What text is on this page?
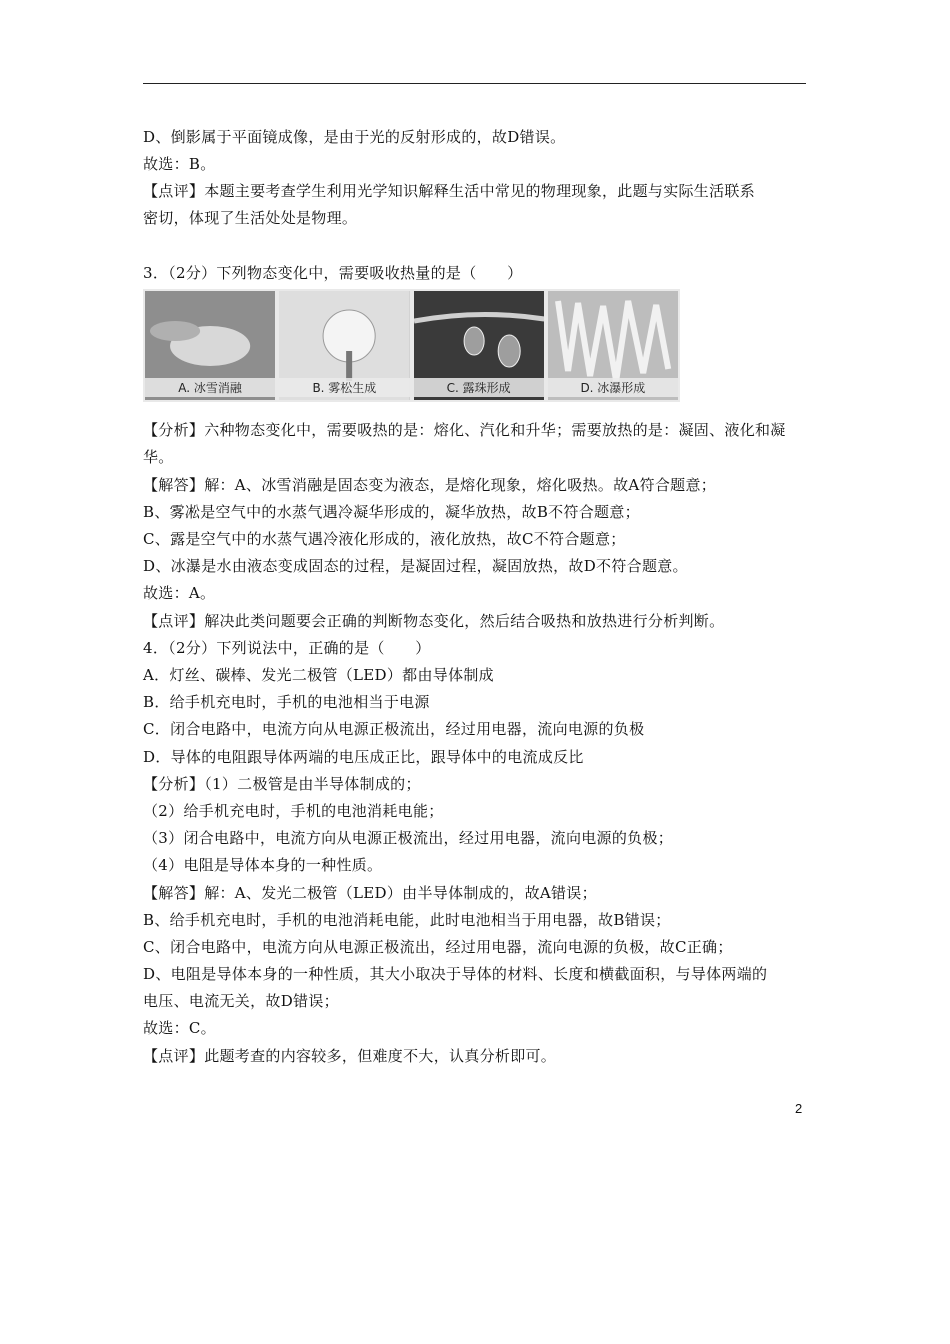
D、倒影属于平面镜成像，是由于光的反射形成的，故D错误。
故选：B。
【点评】本题主要考查学生利用光学知识解释生活中常见的物理现象，此题与实际生活联系
密切，体现了生活处处是物理。
3．（2分）下列物态变化中，需要吸收热量的是（　　）
A. 冰雪消融	B. 雾松生成	C. 露珠形成	D. 冰瀑形成
【分析】六种物态变化中，需要吸热的是：熔化、汽化和升华；需要放热的是：凝固、液化和凝
华。
【解答】解：A、冰雪消融是固态变为液态，是熔化现象，熔化吸热。故A符合题意；
B、雾凇是空气中的水蒸气遇冷凝华形成的，凝华放热，故B不符合题意；
C、露是空气中的水蒸气遇冷液化形成的，液化放热，故C不符合题意；
D、冰瀑是水由液态变成固态的过程，是凝固过程，凝固放热，故D不符合题意。
故选：A。
【点评】解决此类问题要会正确的判断物态变化，然后结合吸热和放热进行分析判断。
4．（2分）下列说法中，正确的是（　　）
A．灯丝、碳棒、发光二极管（LED）都由导体制成
B．给手机充电时，手机的电池相当于电源
C．闭合电路中，电流方向从电源正极流出，经过用电器，流向电源的负极
D．导体的电阻跟导体两端的电压成正比，跟导体中的电流成反比
【分析】（1）二极管是由半导体制成的；
（2）给手机充电时，手机的电池消耗电能；
（3）闭合电路中，电流方向从电源正极流出，经过用电器，流向电源的负极；
（4）电阻是导体本身的一种性质。
【解答】解：A、发光二极管（LED）由半导体制成的，故A错误；
B、给手机充电时，手机的电池消耗电能，此时电池相当于用电器，故B错误；
C、闭合电路中，电流方向从电源正极流出，经过用电器，流向电源的负极，故C正确；
D、电阻是导体本身的一种性质，其大小取决于导体的材料、长度和横截面积，与导体两端的
电压、电流无关，故D错误；
故选：C。
【点评】此题考查的内容较多，但难度不大，认真分析即可。
2
